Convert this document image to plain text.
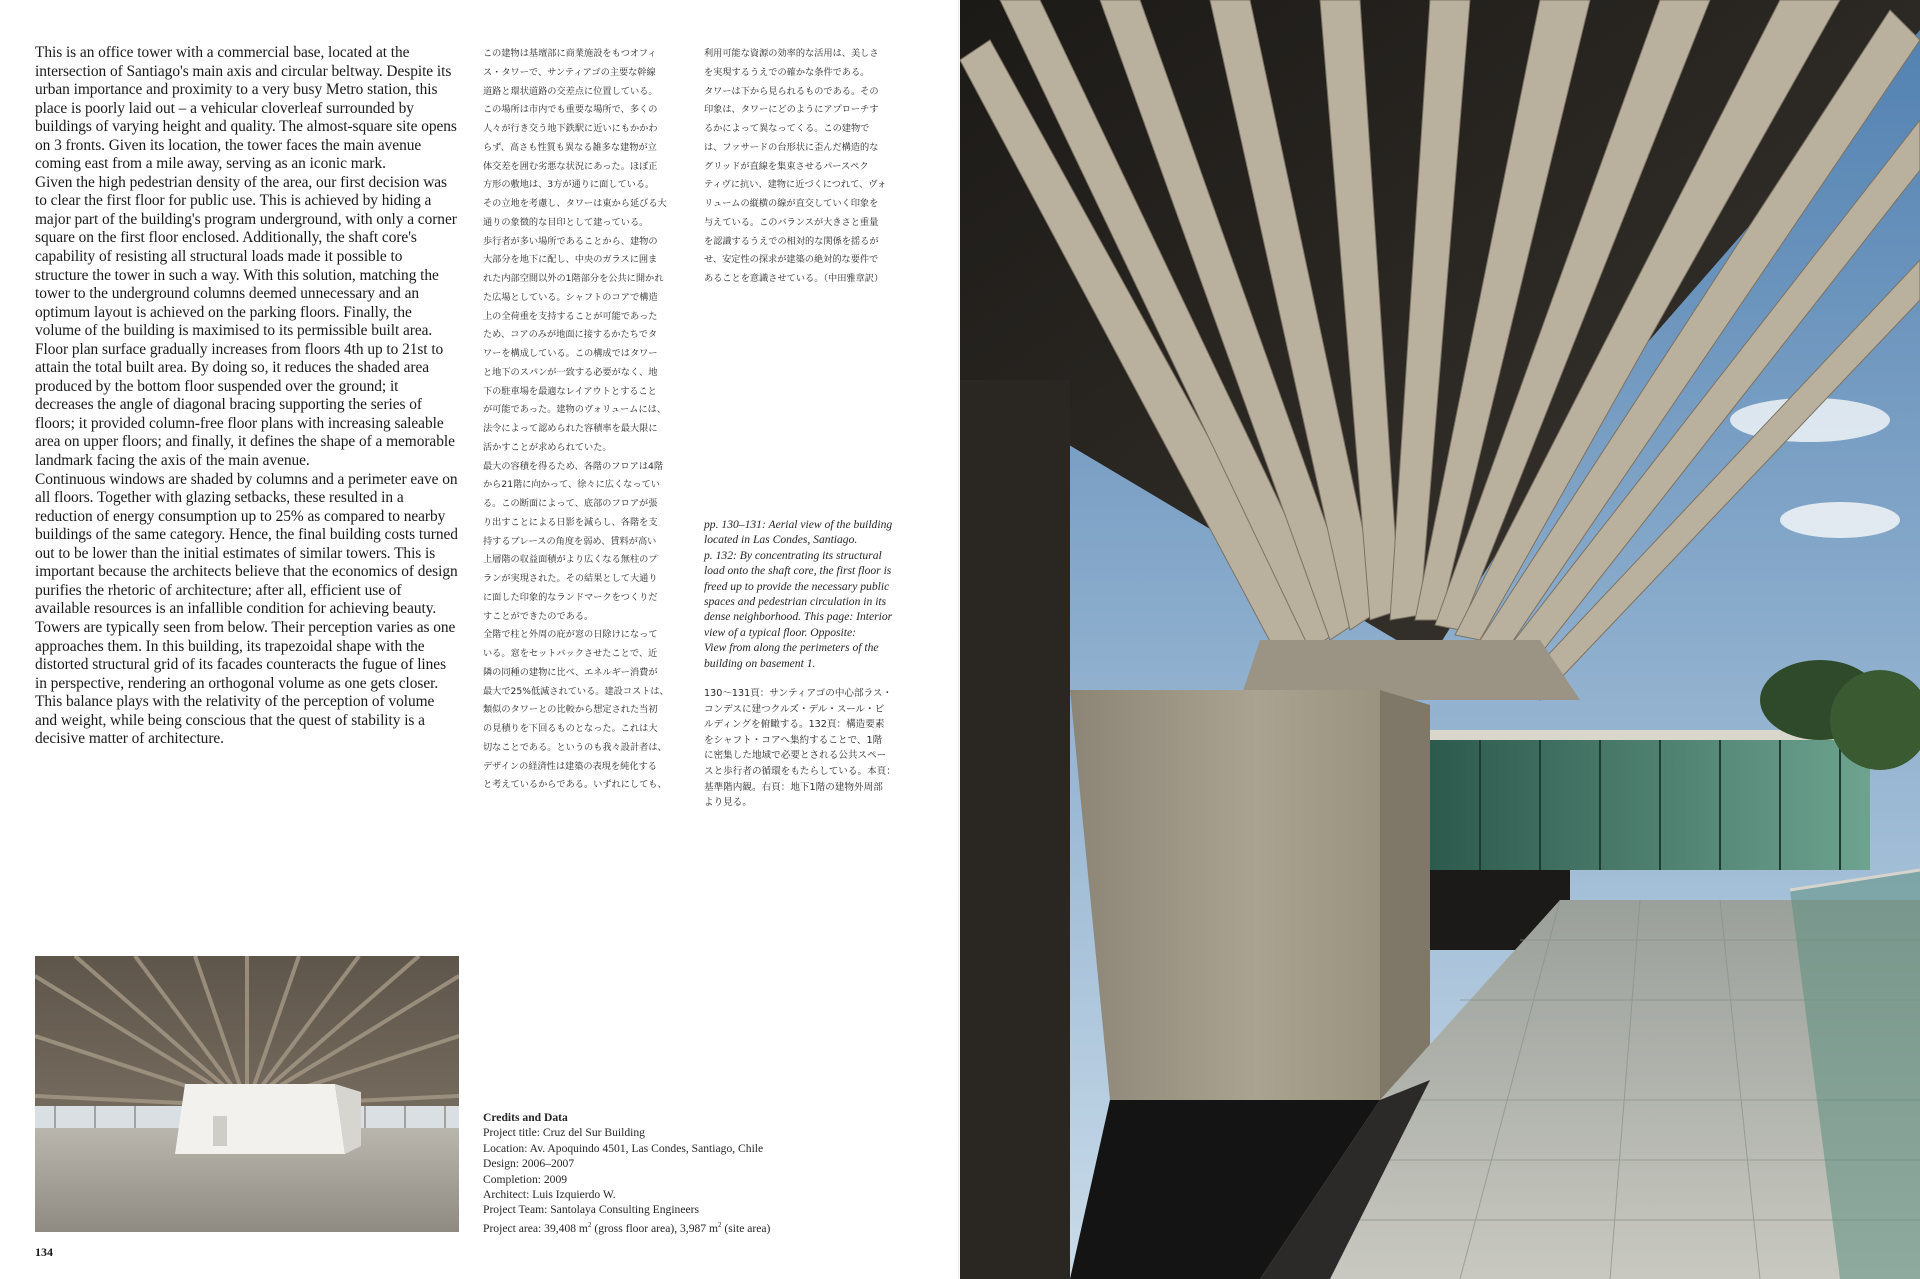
This is an office tower with a commercial base, located at the intersection of Santiago's main axis and circular beltway. Despite its urban importance and proximity to a very busy Metro station, this place is poorly laid out – a vehicular cloverleaf surrounded by buildings of varying height and quality. The almost-square site opens on 3 fronts. Given its location, the tower faces the main avenue coming east from a mile away, serving as an iconic mark.

Given the high pedestrian density of the area, our first decision was to clear the first floor for public use. This is achieved by hiding a major part of the building's program underground, with only a corner square on the first floor enclosed. Additionally, the shaft core's capability of resisting all structural loads made it possible to structure the tower in such a way. With this solution, matching the tower to the underground columns deemed unnecessary and an optimum layout is achieved on the parking floors. Finally, the volume of the building is maximised to its permissible built area.

Floor plan surface gradually increases from floors 4th up to 21st to attain the total built area. By doing so, it reduces the shaded area produced by the bottom floor suspended over the ground; it decreases the angle of diagonal bracing supporting the series of floors; it provided column-free floor plans with increasing saleable area on upper floors; and finally, it defines the shape of a memorable landmark facing the axis of the main avenue.

Continuous windows are shaded by columns and a perimeter eave on all floors. Together with glazing setbacks, these resulted in a reduction of energy consumption up to 25% as compared to nearby buildings of the same category. Hence, the final building costs turned out to be lower than the initial estimates of similar towers. This is important because the architects believe that the economics of design purifies the rhetoric of architecture; after all, efficient use of available resources is an infallible condition for achieving beauty.

Towers are typically seen from below. Their perception varies as one approaches them. In this building, its trapezoidal shape with the distorted structural grid of its facades counteracts the fugue of lines in perspective, rendering an orthogonal volume as one gets closer. This balance plays with the relativity of the perception of volume and weight, while being conscious that the quest of stability is a decisive matter of architecture.

この建物は基壇部に商業施設をもつオフィ

ス・タワーで、サンティアゴの主要な幹線

道路と環状道路の交差点に位置している。

この場所は市内でも重要な場所で、多くの

人々が行き交う地下鉄駅に近いにもかかわ

らず、高さも性質も異なる雑多な建物が立

体交差を囲む劣悪な状況にあった。ほぼ正

方形の敷地は、3方が通りに面している。

その立地を考慮し、タワーは東から延びる大

通りの象徴的な目印として建っている。

歩行者が多い場所であることから、建物の

大部分を地下に配し、中央のガラスに囲ま

れた内部空間以外の1階部分を公共に開かれ

た広場としている。シャフトのコアで構造

上の全荷重を支持することが可能であった

ため、コアのみが地面に接するかたちでタ

ワーを構成している。この構成ではタワー

と地下のスパンが一致する必要がなく、地

下の駐車場を最適なレイアウトとすること

が可能であった。建物のヴォリュームには、

法令によって認められた容積率を最大限に

活かすことが求められていた。

最大の容積を得るため、各階のフロアは4階

から21階に向かって、徐々に広くなってい

る。この断面によって、底部のフロアが張

り出すことによる日影を減らし、各階を支

持するブレースの角度を弱め、賃料が高い

上層階の収益面積がより広くなる無柱のプ

ランが実現された。その結果として大通り

に面した印象的なランドマークをつくりだ

すことができたのである。

全階で柱と外周の庇が窓の日除けになって

いる。窓をセットバックさせたことで、近

隣の同種の建物に比べ、エネルギー消費が

最大で25%低減されている。建設コストは、

類似のタワーとの比較から想定された当初

の見積りを下回るものとなった。これは大

切なことである。というのも我々設計者は、

デザインの経済性は建築の表現を純化する

と考えているからである。いずれにしても、

利用可能な資源の効率的な活用は、美しさ

を実現するうえでの確かな条件である。

タワーは下から見られるものである。その

印象は、タワーにどのようにアプローチす

るかによって異なってくる。この建物で

は、ファサードの台形状に歪んだ構造的な

グリッドが直線を集束させるパースペク

ティヴに抗い、建物に近づくにつれて、ヴォ

リュームの縦横の線が直交していく印象を

与えている。このバランスが大きさと重量

を認識するうえでの相対的な関係を揺るが

せ、安定性の探求が建築の絶対的な要件で

あることを意識させている。（中田雅章訳）

pp. 130–131: Aerial view of the building

located in Las Condes, Santiago.

p. 132: By concentrating its structural

load onto the shaft core, the first floor is

freed up to provide the necessary public

spaces and pedestrian circulation in its

dense neighborhood. This page: Interior

view of a typical floor. Opposite:

View from along the perimeters of the

building on basement 1.

130～131頁：サンティアゴの中心部ラス・

コンデスに建つクルズ・デル・スール・ビ

ルディングを俯瞰する。132頁：構造要素

をシャフト・コアへ集約することで、1階

に密集した地域で必要とされる公共スペー

スと歩行者の循環をもたらしている。本頁：

基準階内観。右頁：地下1階の建物外周部

より見る。

Credits and Data

Project title: Cruz del Sur Building

Location: Av. Apoquindo 4501, Las Condes, Santiago, Chile

Design: 2006–2007

Completion: 2009

Architect: Luis Izquierdo W.

Project Team: Santolaya Consulting Engineers

Project area: 39,408 $m^2$ (gross floor area), 3,987 $m^2$ (site area)

134
